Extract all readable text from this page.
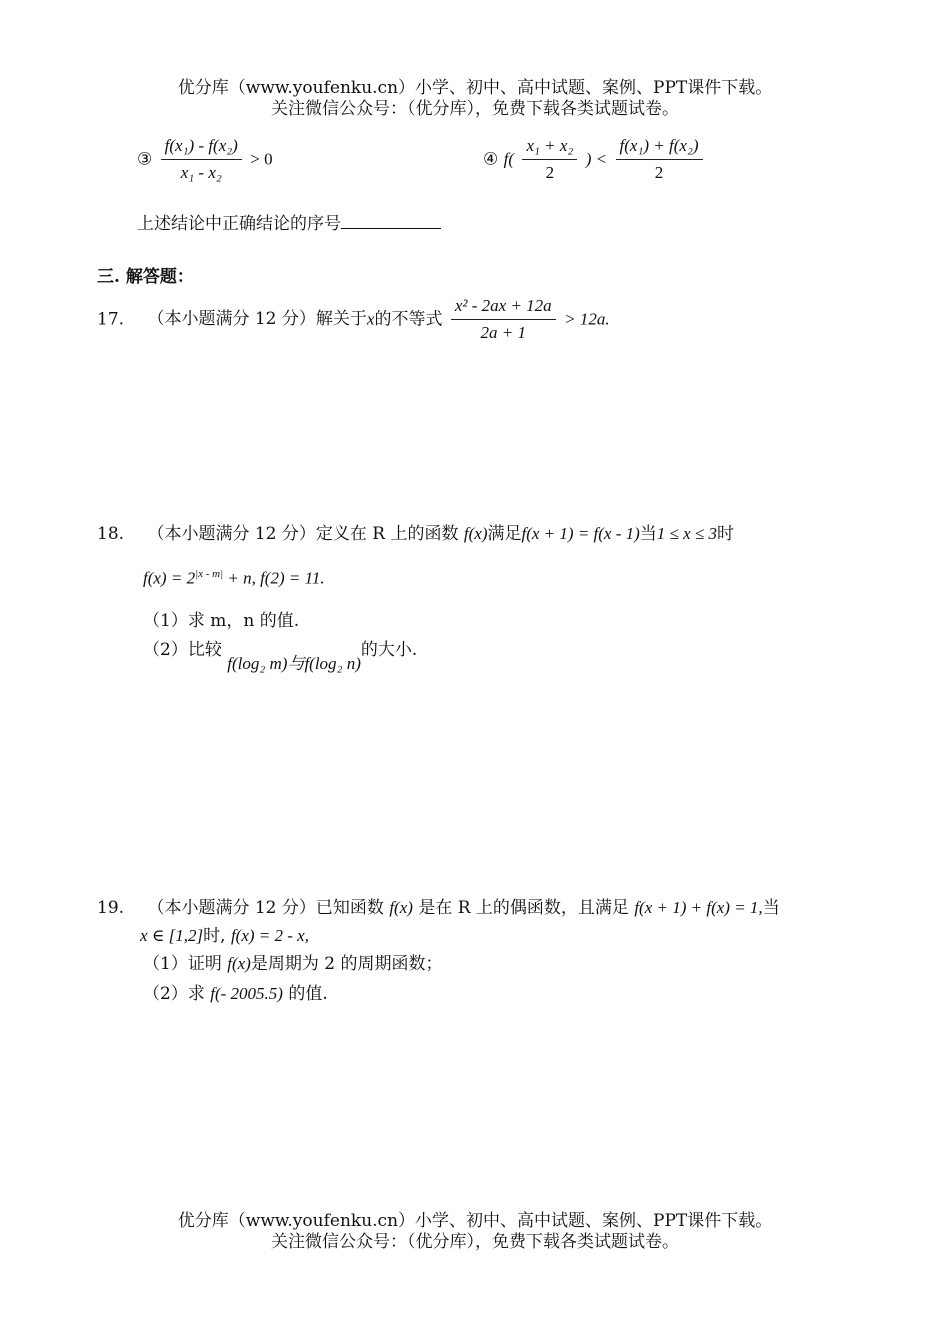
优分库（www.youfenku.cn）小学、初中、高中试题、案例、PPT课件下载。
关注微信公众号：（优分库），免费下载各类试题试卷。
③ $\frac{\text{f(x₁) - f(x₂)}}{\text{x₁ - x₂}} > 0$	④ $f( \frac{\text{x₁ + x₂}}{2}$ ) < $\frac{\text{f(x₁) + f(x₂)}}{2}$
上述结论中正确结论的序号
三. 解答题：
17. （本小题满分 12 分）解关于x的不等式 $\frac{\text{x² - 2ax + 12a}}{2a + 1} > 12a$.
18. （本小题满分 12 分）定义在 R 上的函数 f(x)满足f(x + 1) = f(x - 1)当1 ≤ x ≤ 3时
$f(x) = 2^{|x - m|} + n$, f(2) = 11.
（1）求 m，n 的值.
（2）比较 f(log₂ m)与f(log₂ n)的大小.
19. （本小题满分 12 分）已知函数 f(x) 是在 R 上的偶函数，且满足 f(x + 1) + f(x) = 1,当
x ∈ [1,2]时, f(x) = 2 - x,
（1）证明 f(x)是周期为 2 的周期函数；
（2）求 f(- 2005.5) 的值.
优分库（www.youfenku.cn）小学、初中、高中试题、案例、PPT课件下载。
关注微信公众号：（优分库），免费下载各类试题试卷。
